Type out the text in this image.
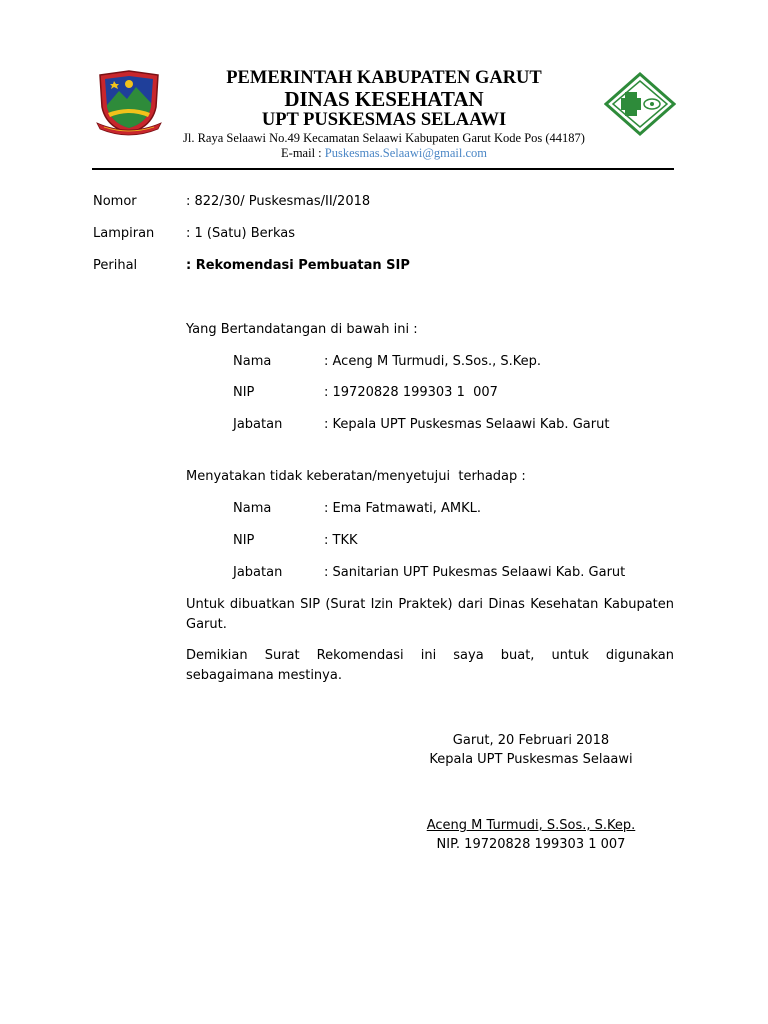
PEMERINTAH KABUPATEN GARUT
DINAS KESEHATAN
UPT PUSKESMAS SELAAWI
Jl. Raya Selaawi No.49 Kecamatan Selaawi Kabupaten Garut Kode Pos (44187)
E-mail : Puskesmas.Selaawi@gmail.com
Nomor	: 822/30/ Puskesmas/II/2018
Lampiran : 1 (Satu) Berkas
Perihal	: Rekomendasi Pembuatan SIP
Yang Bertandatangan di bawah ini :
Nama	: Aceng M Turmudi, S.Sos., S.Kep.
NIP	: 19720828 199303 1  007
Jabatan	: Kepala UPT Puskesmas Selaawi Kab. Garut
Menyatakan tidak keberatan/menyetujui  terhadap :
Nama	: Ema Fatmawati, AMKL.
NIP	: TKK
Jabatan	: Sanitarian UPT Pukesmas Selaawi Kab. Garut
Untuk dibuatkan SIP (Surat Izin Praktek) dari Dinas Kesehatan Kabupaten Garut.
Demikian Surat Rekomendasi ini saya buat, untuk digunakan sebagaimana mestinya.
Garut, 20 Februari 2018
Kepala UPT Puskesmas Selaawi
Aceng M Turmudi, S.Sos., S.Kep.
NIP. 19720828 199303 1 007
